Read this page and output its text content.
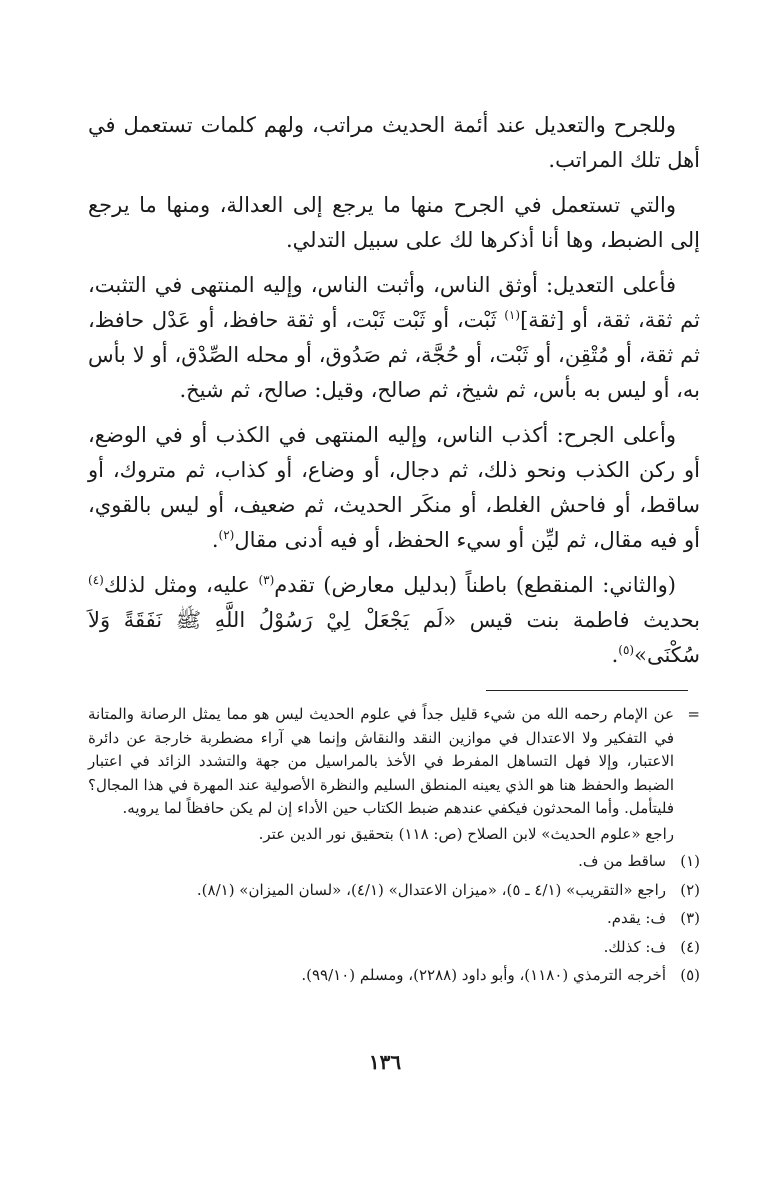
وللجرح والتعديل عند أئمة الحديث مراتب، ولهم كلمات تستعمل في أهل تلك المراتب.

والتي تستعمل في الجرح منها ما يرجع إلى العدالة، ومنها ما يرجع إلى الضبط، وها أنا أذكرها لك على سبيل التدلي.

فأعلى التعديل: أوثق الناس، وأثبت الناس، وإليه المنتهى في التثبت، ثم ثقة، ثقة، أو [ثقة]$^{(١)}$ ثَبْت، أو ثَبْت ثَبْت، أو ثقة حافظ، أو عَدْل حافظ، ثم ثقة، أو مُتْقِن، أو ثَبْت، أو حُجَّة، ثم صَدُوق، أو محله الصِّدْق، أو لا بأس به، أو ليس به بأس، ثم شيخ، ثم صالح، وقيل: صالح، ثم شيخ.

وأعلى الجرح: أكذب الناس، وإليه المنتهى في الكذب أو في الوضع، أو ركن الكذب ونحو ذلك، ثم دجال، أو وضاع، أو كذاب، ثم متروك، أو ساقط، أو فاحش الغلط، أو منكَر الحديث، ثم ضعيف، أو ليس بالقوي، أو فيه مقال، ثم ليِّن أو سيء الحفظ، أو فيه أدنى مقال$^{(٢)}$.

(والثاني: المنقطع) باطناً (بدليل معارض) تقدم$^{(٣)}$ عليه، ومثل لذلك$^{(٤)}$ بحديث فاطمة بنت قيس «لَم يَجْعَلْ لِيْ رَسُوْلُ اللَّهِ ﷺ نَفَقَةً وَلاَ سُكْنَى»$^{(٥)}$.

=
عن الإمام رحمه الله من شيء قليل جداً في علوم الحديث ليس هو مما يمثل الرصانة والمتانة في التفكير ولا الاعتدال في موازين النقد والنقاش وإنما هي آراء مضطربة خارجة عن دائرة الاعتبار، وإلا فهل التساهل المفرط في الأخذ بالمراسيل من جهة والتشدد الزائد في اعتبار الضبط والحفظ هنا هو الذي يعينه المنطق السليم والنظرة الأصولية عند المهرة في هذا المجال؟ فليتأمل. وأما المحدثون فيكفي عندهم ضبط الكتاب حين الأداء إن لم يكن حافظاً لما يرويه.

راجع «علوم الحديث» لابن الصلاح (ص: ١١٨) بتحقيق نور الدين عتر.

(١)
ساقط من ف.
(٢)
راجع «التقريب» (٤/١ ـ ٥)، «ميزان الاعتدال» (٤/١)، «لسان الميزان» (٨/١).
(٣)
ف: يقدم.
(٤)
ف: كذلك.
(٥)
أخرجه الترمذي (١١٨٠)، وأبو داود (٢٢٨٨)، ومسلم (٩٩/١٠).
١٣٦
